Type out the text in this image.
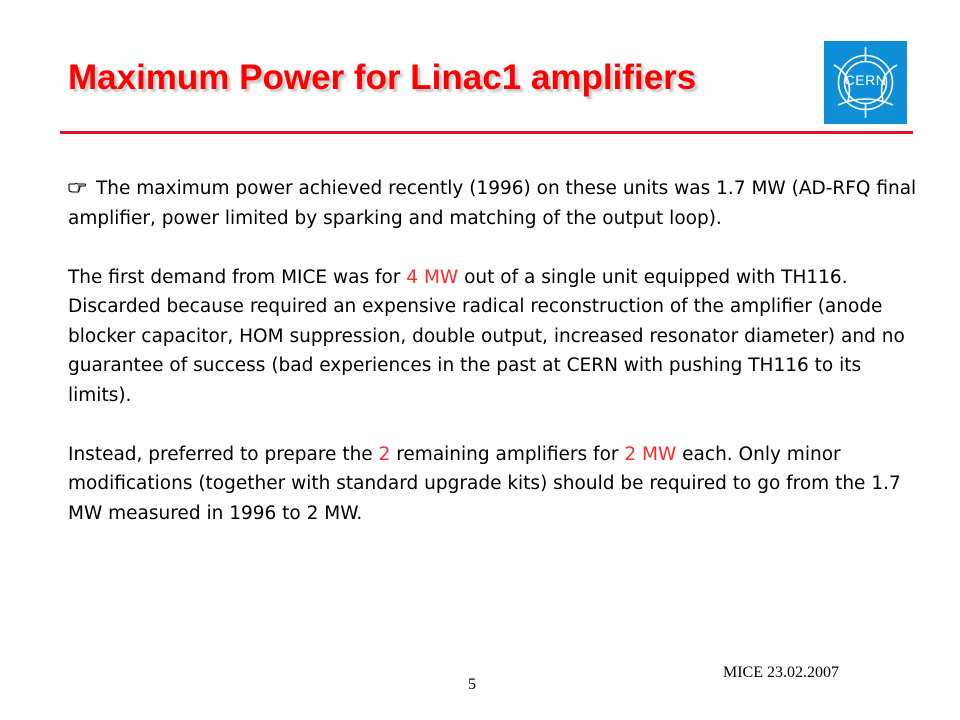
Maximum Power for Linac1 amplifiers	CERN

The maximum power achieved recently (1996) on these units was 1.7 MW (AD-RFQ final amplifier, power limited by sparking and matching of the output loop).

The first demand from MICE was for 4 MW out of a single unit equipped with TH116. Discarded because required an expensive radical reconstruction of the amplifier (anode blocker capacitor, HOM suppression, double output, increased resonator diameter) and no guarantee of success (bad experiences in the past at CERN with pushing TH116 to its limits).

Instead, preferred to prepare the 2 remaining amplifiers for 2 MW each. Only minor modifications (together with standard upgrade kits) should be required to go from the 1.7 MW measured in 1996 to 2 MW.

5
MICE 23.02.2007
